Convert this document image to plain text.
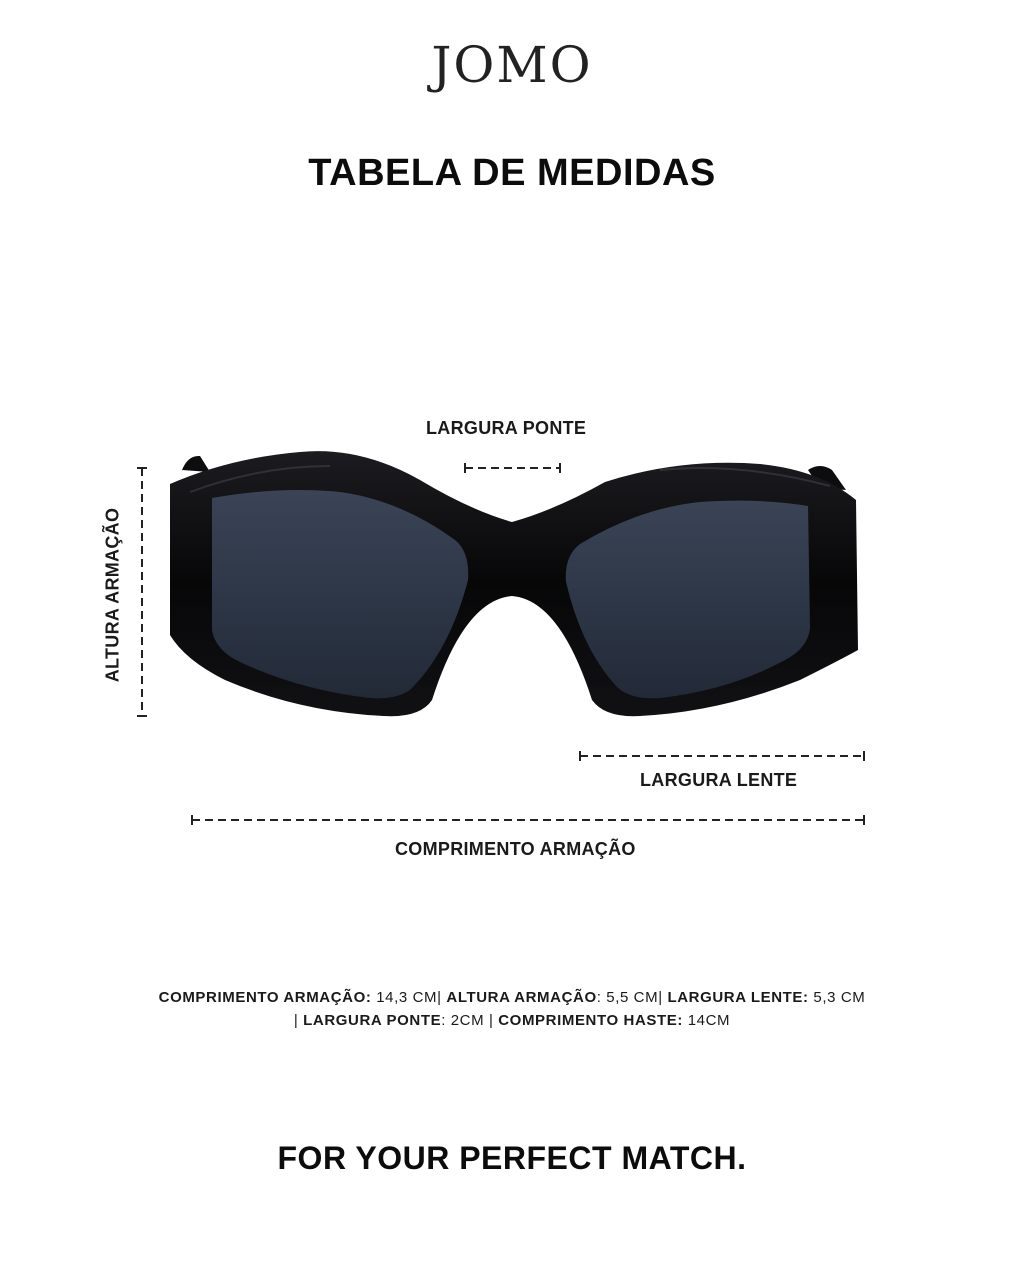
JOMO
TABELA DE MEDIDAS
LARGURA PONTE
ALTURA ARMAÇÃO
LARGURA LENTE
COMPRIMENTO ARMAÇÃO
COMPRIMENTO ARMAÇÃO: 14,3 CM| ALTURA ARMAÇÃO: 5,5 CM| LARGURA LENTE: 5,3 CM
| LARGURA PONTE: 2CM | COMPRIMENTO HASTE: 14CM
FOR YOUR PERFECT MATCH.
